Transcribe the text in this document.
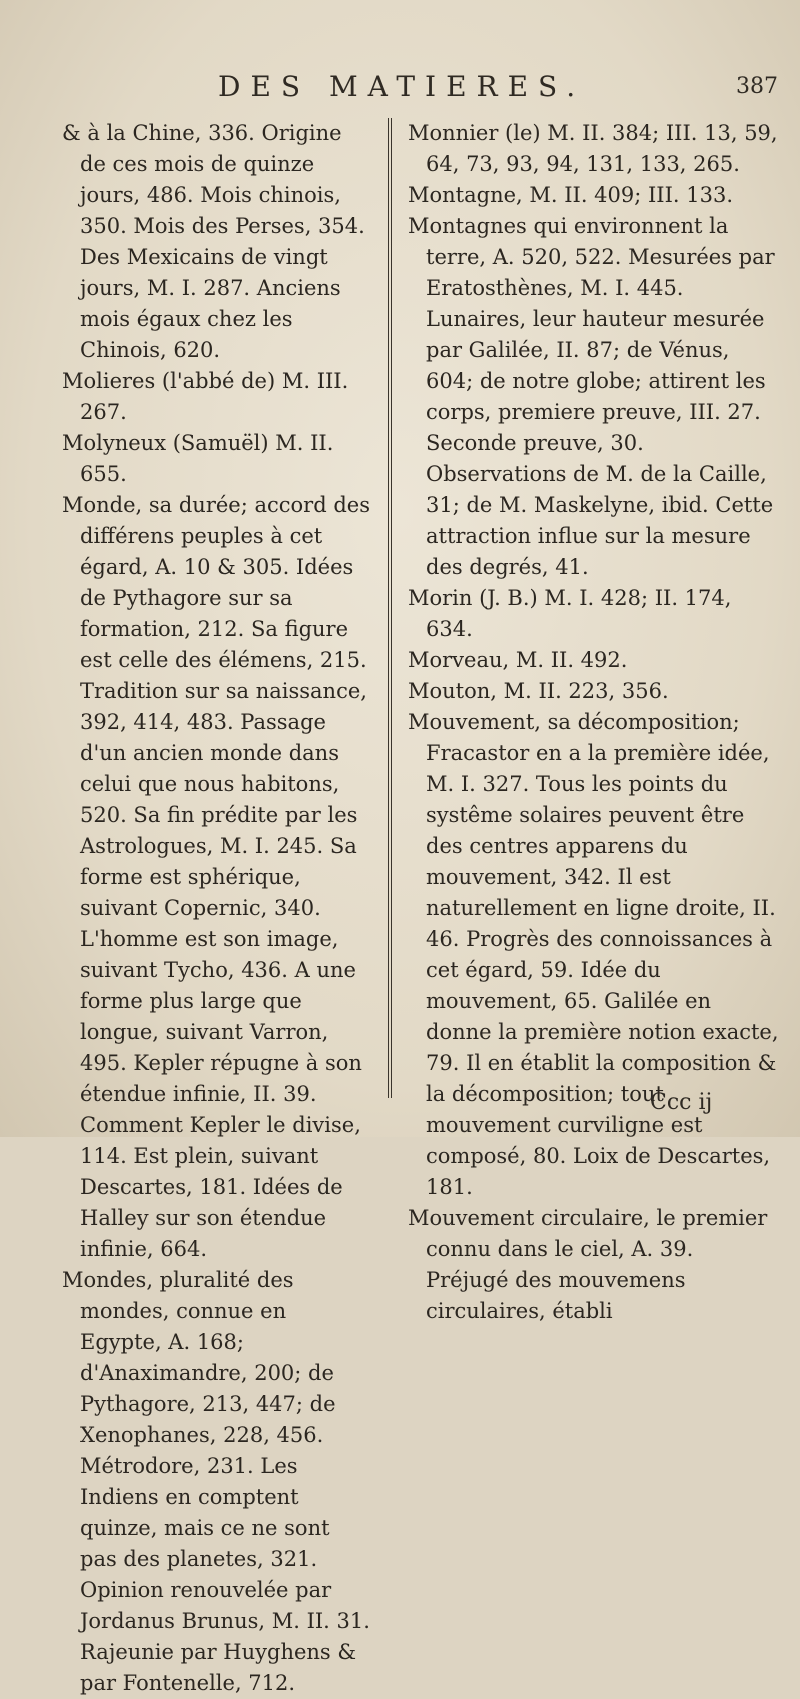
DES MATIERES.	387

& à la Chine, 336. Origine de ces mois de quinze jours, 486. Mois chinois, 350. Mois des Perses, 354. Des Mexicains de vingt jours, M. I. 287. Anciens mois égaux chez les Chinois, 620.

Molieres (l'abbé de) M. III. 267.

Molyneux (Samuël) M. II. 655.

Monde, sa durée; accord des différens peuples à cet égard, A. 10 & 305. Idées de Pythagore sur sa formation, 212. Sa figure est celle des élémens, 215. Tradition sur sa naissance, 392, 414, 483. Passage d'un ancien monde dans celui que nous habitons, 520. Sa fin prédite par les Astrologues, M. I. 245. Sa forme est sphérique, suivant Copernic, 340. L'homme est son image, suivant Tycho, 436. A une forme plus large que longue, suivant Varron, 495. Kepler répugne à son étendue infinie, II. 39. Comment Kepler le divise, 114. Est plein, suivant Descartes, 181. Idées de Halley sur son étendue infinie, 664.

Mondes, pluralité des mondes, connue en Egypte, A. 168; d'Anaximandre, 200; de Pythagore, 213, 447; de Xenophanes, 228, 456. Métrodore, 231. Les Indiens en comptent quinze, mais ce ne sont pas des planetes, 321. Opinion renouvelée par Jordanus Brunus, M. II. 31. Rajeunie par Huyghens & par Fontenelle, 712.

Monnier (le) M. II. 384; III. 13, 59, 64, 73, 93, 94, 131, 133, 265.

Montagne, M. II. 409; III. 133.

Montagnes qui environnent la terre, A. 520, 522. Mesurées par Eratosthènes, M. I. 445. Lunaires, leur hauteur mesurée par Galilée, II. 87; de Vénus, 604; de notre globe; attirent les corps, premiere preuve, III. 27. Seconde preuve, 30. Observations de M. de la Caille, 31; de M. Maskelyne, ibid. Cette attraction influe sur la mesure des degrés, 41.

Morin (J. B.) M. I. 428; II. 174, 634.

Morveau, M. II. 492.

Mouton, M. II. 223, 356.

Mouvement, sa décomposition; Fracastor en a la première idée, M. I. 327. Tous les points du systême solaires peuvent être des centres apparens du mouvement, 342. Il est naturellement en ligne droite, II. 46. Progrès des connoissances à cet égard, 59. Idée du mouvement, 65. Galilée en donne la première notion exacte, 79. Il en établit la composition & la décomposition; tout mouvement curviligne est composé, 80. Loix de Descartes, 181.

Mouvement circulaire, le premier connu dans le ciel, A. 39. Préjugé des mouvemens circulaires, établi

Ccc ij
